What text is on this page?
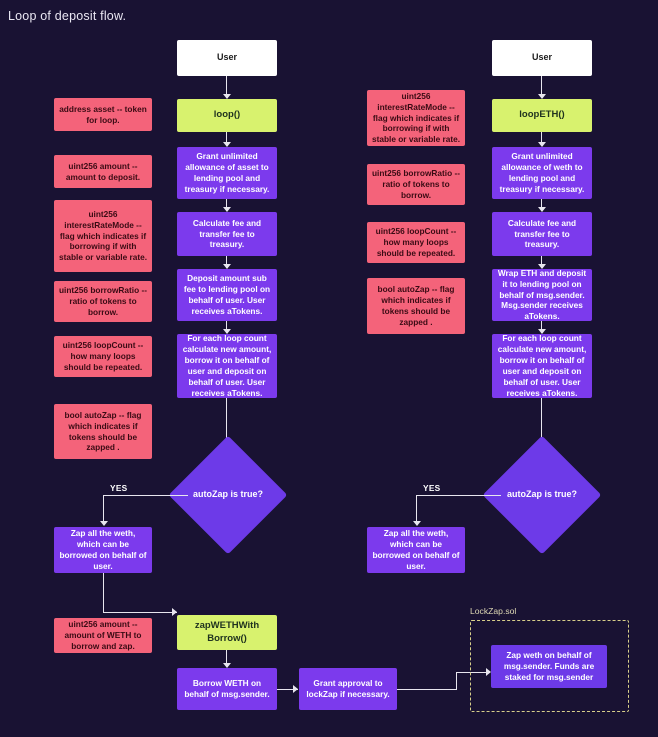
Loop of deposit flow.
User
loop()
address asset -- token for loop.
uint256 amount -- amount to deposit.
uint256 interestRateMode -- flag which indicates if borrowing if with stable or variable rate.
uint256 borrowRatio -- ratio of tokens to borrow.
uint256 loopCount -- how many loops should be repeated.
bool autoZap -- flag which indicates if tokens should be zapped .
Grant unlimited allowance of asset to lending pool and treasury if necessary.
Calculate fee and transfer fee to treasury.
Deposit amount sub fee to lending pool on behalf of user. User receives aTokens.
For each loop count calculate new amount, borrow it on behalf of user and deposit on behalf of user. User receives aTokens.
autoZap is true?
YES
Zap all the weth, which can be borrowed on behalf of user.
uint256 amount -- amount of WETH to borrow and zap.
zapWETHWith Borrow()
Borrow WETH on behalf of msg.sender.
Grant approval to lockZap if necessary.
User
loopETH()
uint256 interestRateMode -- flag which indicates if borrowing if with stable or variable rate.
uint256 borrowRatio -- ratio of tokens to borrow.
uint256 loopCount -- how many loops should be repeated.
bool autoZap -- flag which indicates if tokens should be zapped .
Grant unlimited allowance of weth to lending pool and treasury if necessary.
Calculate fee and transfer fee to treasury.
Wrap ETH and deposit it to lending pool on behalf of msg.sender. Msg.sender receives aTokens.
For each loop count calculate new amount, borrow it on behalf of user and deposit on behalf of user. User receives aTokens.
autoZap is true?
YES
Zap all the weth, which can be borrowed on behalf of user.
LockZap.sol
Zap weth on behalf of msg.sender. Funds are staked for msg.sender
